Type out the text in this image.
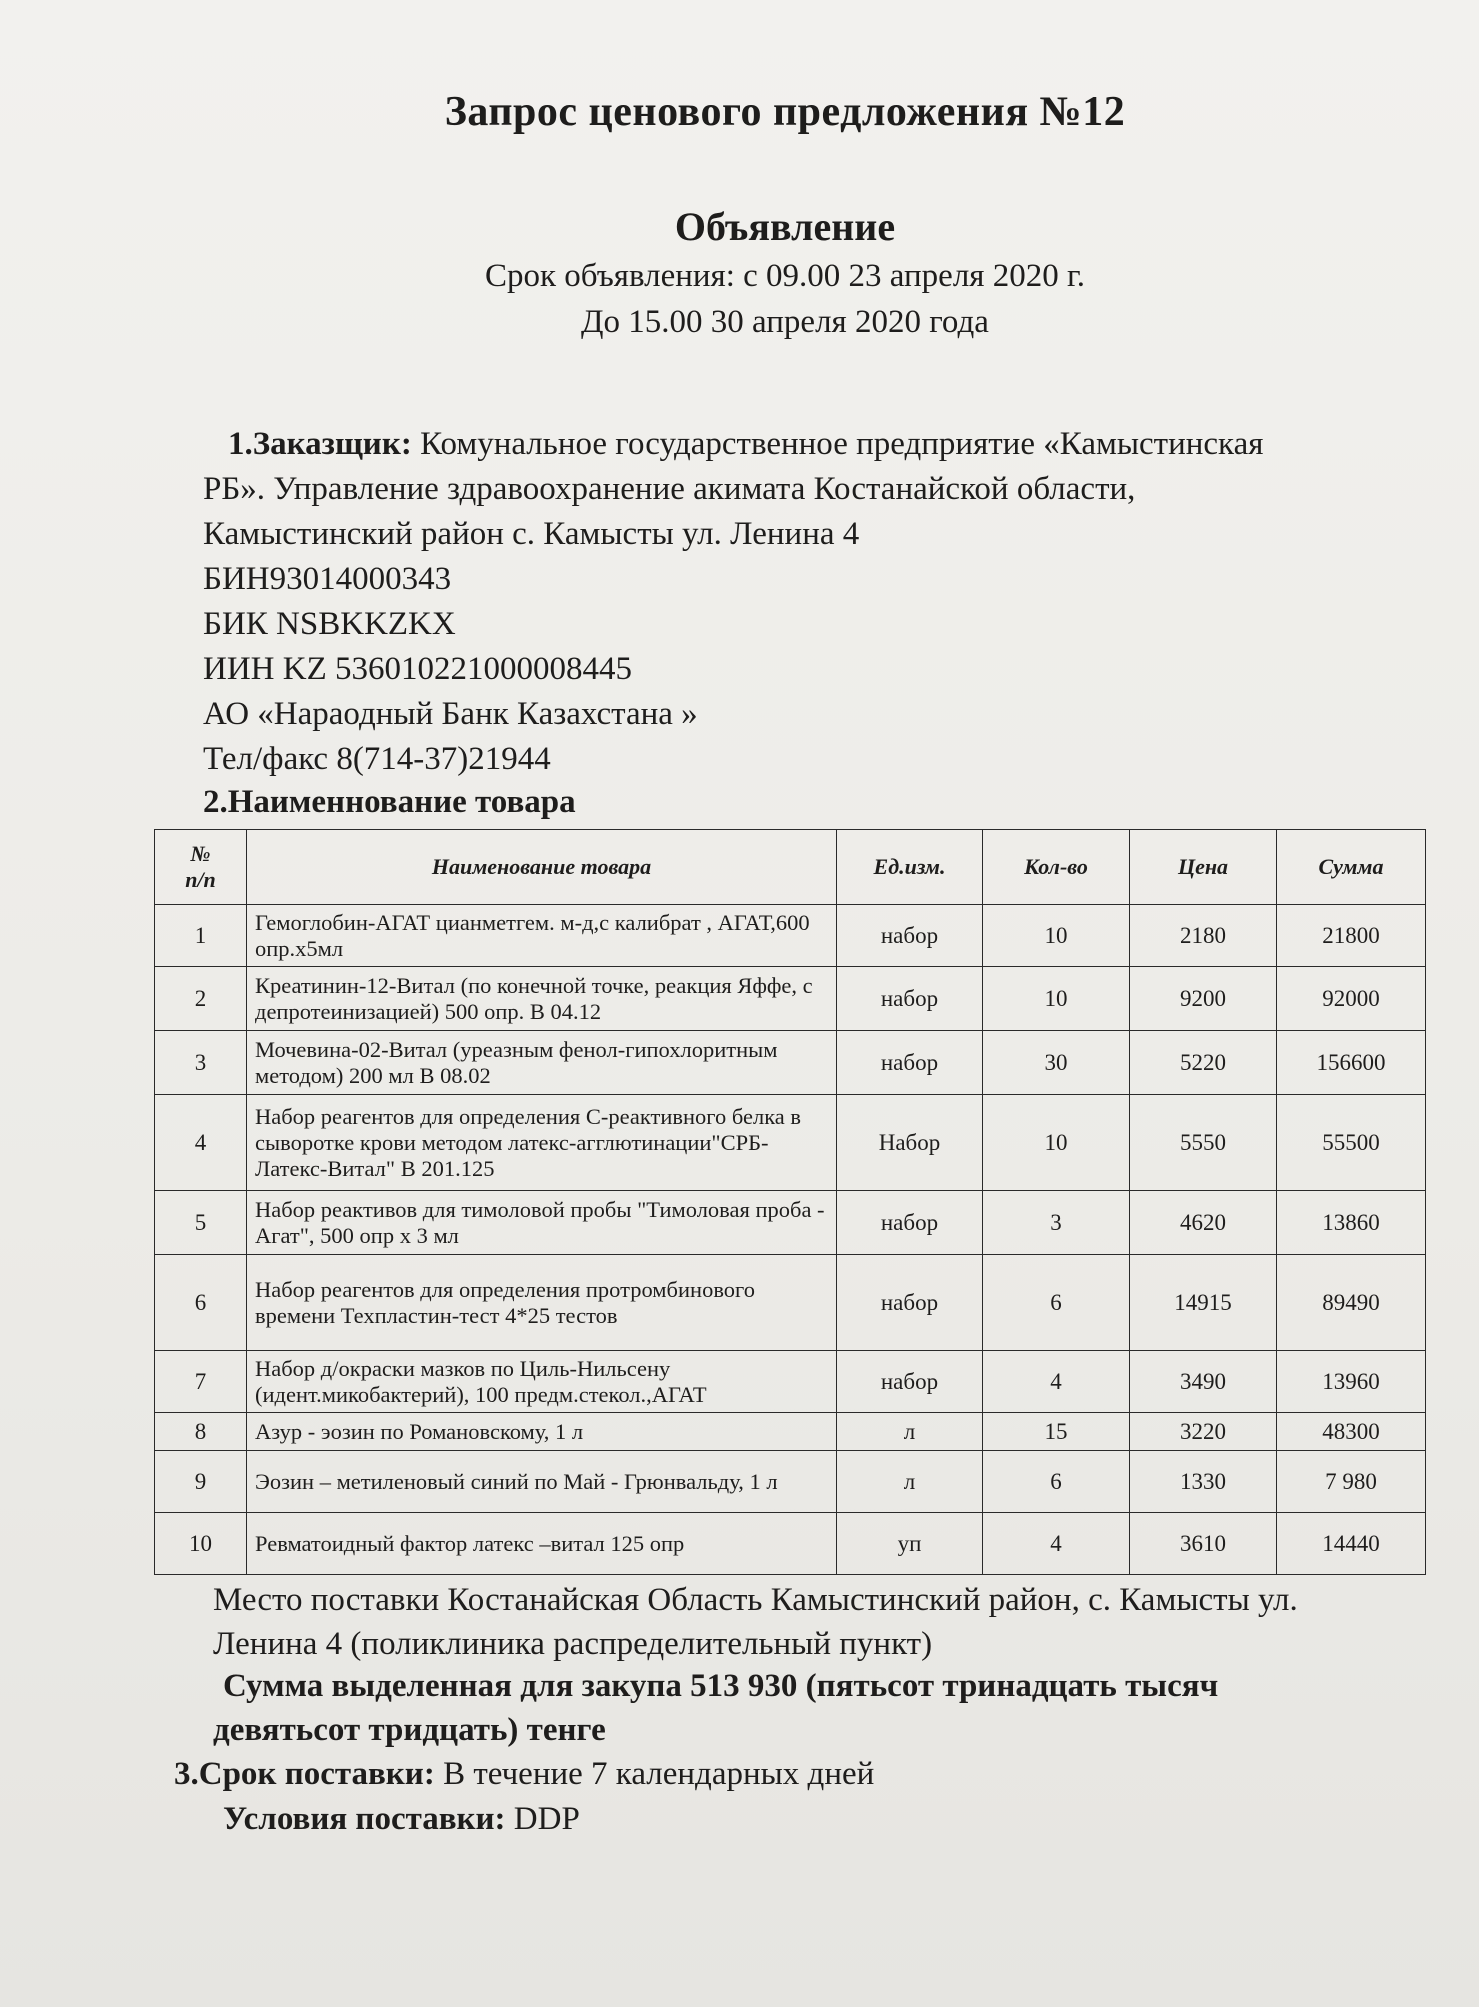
Запрос ценового предложения №12
Объявление
Срок объявления: с 09.00 23 апреля 2020 г.
До 15.00 30 апреля 2020 года
1.Заказщик: Комунальное государственное предприятие «Камыстинская
РБ». Управление здравоохранение акимата Костанайской области,
Камыстинский район с. Камысты ул. Ленина 4
БИН93014000343
БИК NSBKKZKX
ИИН KZ 536010221000008445
АО «Нараодный Банк Казахстана »
Тел/факс 8(714-37)21944
2.Наименнование товара
№
п/п	Наименование товара	Ед.изм.	Кол-во	Цена	Сумма
1	Гемоглобин-АГАТ цианметгем. м-д,с калибрат , АГАТ,600 опр.х5мл	набор	10	2180	21800
2	Креатинин-12-Витал (по конечной точке, реакция Яффе, с депротеинизацией) 500 опр. В 04.12	набор	10	9200	92000
3	Мочевина-02-Витал (уреазным фенол-гипохлоритным методом) 200 мл В 08.02	набор	30	5220	156600
4	Набор реагентов для определения С-реактивного белка в сыворотке крови методом латекс-агглютинации"СРБ-Латекс-Витал" В 201.125	Набор	10	5550	55500
5	Набор реактивов для тимоловой пробы "Тимоловая проба - Агат", 500 опр х 3 мл	набор	3	4620	13860
6	Набор реагентов для определения протромбинового времени Техпластин-тест 4*25 тестов	набор	6	14915	89490
7	Набор д/окраски мазков по Циль-Нильсену (идент.микобактерий), 100 предм.стекол.,АГАТ	набор	4	3490	13960
8	Азур - эозин по Романовскому, 1 л	л	15	3220	48300
9	Эозин – метиленовый синий по Май - Грюнвальду, 1 л	л	6	1330	7 980
10	Ревматоидный фактор латекс –витал 125 опр	уп	4	3610	14440
Место поставки Костанайская Область Камыстинский район, с. Камысты ул.
Ленина 4 (поликлиника распределительный пункт)
Сумма выделенная для закупа 513 930 (пятьсот тринадцать тысяч
девятьсот тридцать) тенге
3.Срок поставки: В течение 7 календарных дней
Условия поставки: DDP
